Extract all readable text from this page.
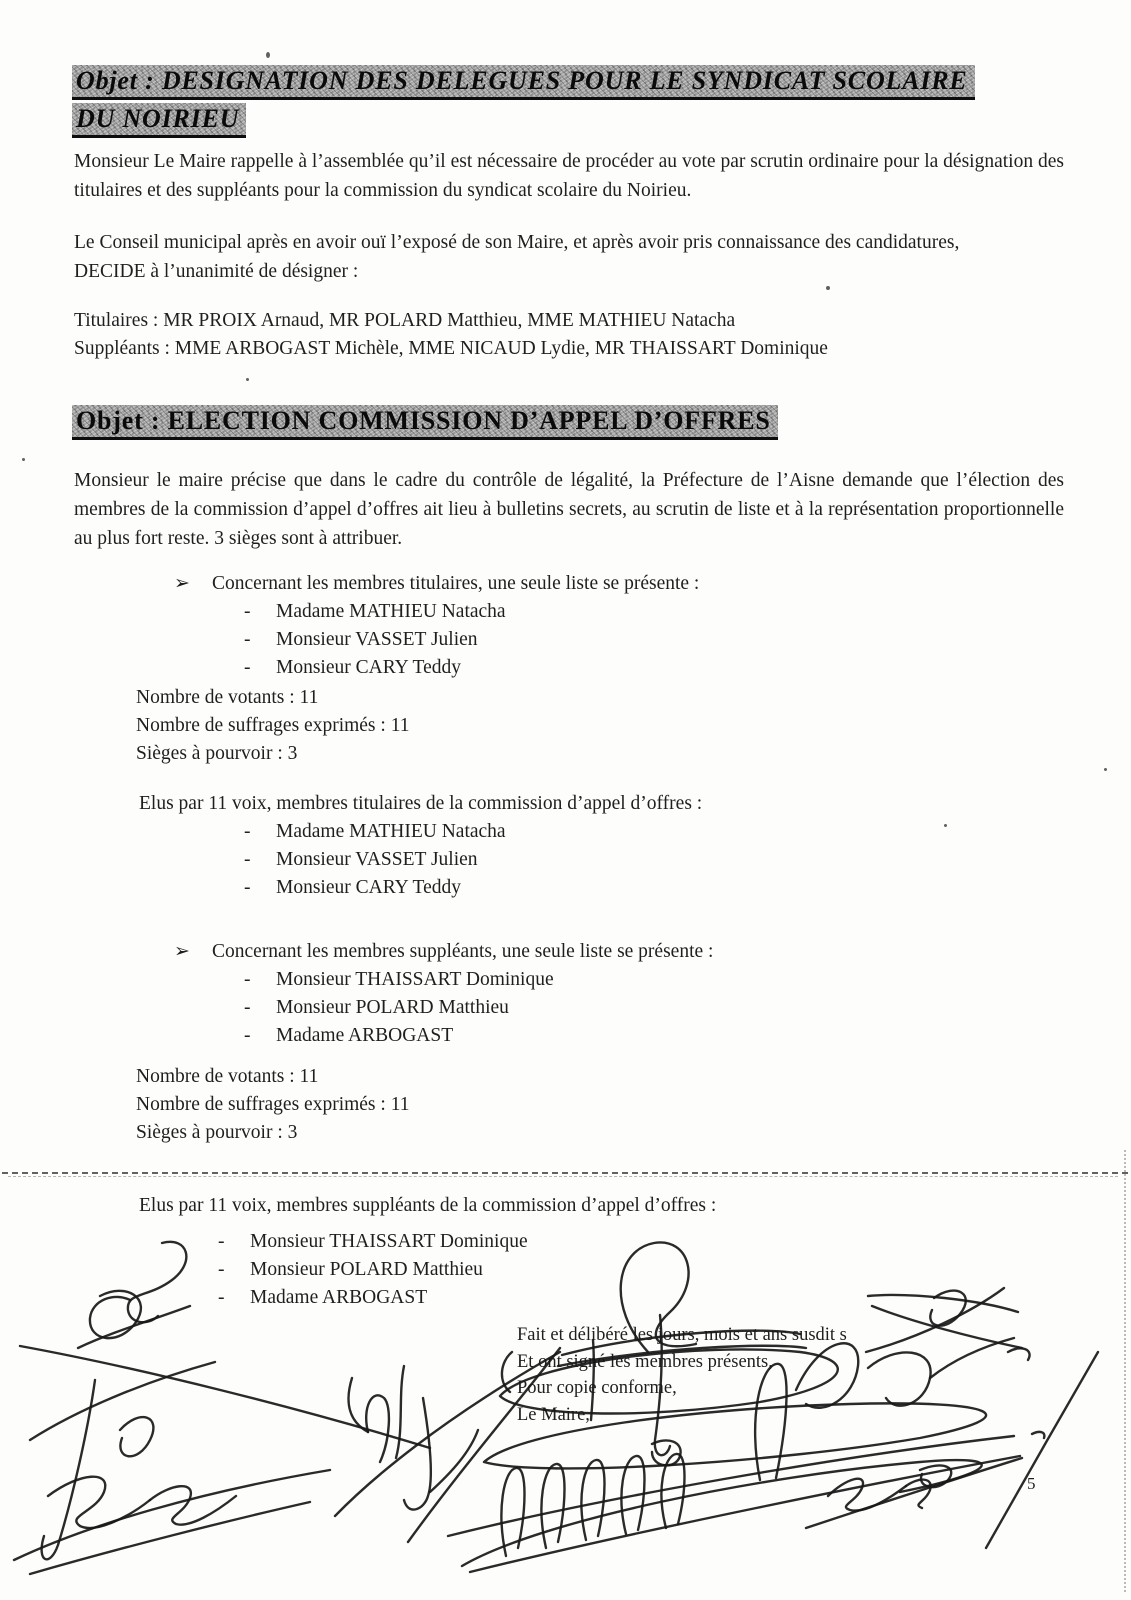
Objet : DESIGNATION DES DELEGUES POUR LE SYNDICAT SCOLAIRE DU NOIRIEU
Monsieur Le Maire rappelle à l’assemblée qu’il est nécessaire de procéder au vote par scrutin ordinaire pour la désignation des titulaires et des suppléants pour la commission du syndicat scolaire du Noirieu.
Le Conseil municipal après en avoir ouï l’exposé de son Maire, et après avoir pris connaissance des candidatures, DECIDE à l’unanimité de désigner :
Titulaires : MR PROIX Arnaud, MR POLARD Matthieu, MME MATHIEU Natacha
Suppléants : MME ARBOGAST Michèle, MME NICAUD Lydie, MR THAISSART Dominique
Objet : ELECTION COMMISSION D’APPEL D’OFFRES
Monsieur le maire précise que dans le cadre du contrôle de légalité, la Préfecture de l’Aisne demande que l’élection des membres de la commission d’appel d’offres ait lieu à bulletins secrets, au scrutin de liste et à la représentation proportionnelle au plus fort reste. 3 sièges sont à attribuer.
➢	Concernant les membres titulaires, une seule liste se présente :
-	Madame MATHIEU Natacha
-	Monsieur VASSET Julien
-	Monsieur CARY Teddy
Nombre de votants : 11
Nombre de suffrages exprimés : 11
Sièges à pourvoir : 3
Elus par 11 voix, membres titulaires de la commission d’appel d’offres :
-	Madame MATHIEU Natacha
-	Monsieur VASSET Julien
-	Monsieur CARY Teddy
➢	Concernant les membres suppléants, une seule liste se présente :
-	Monsieur THAISSART Dominique
-	Monsieur POLARD Matthieu
-	Madame ARBOGAST
Nombre de votants : 11
Nombre de suffrages exprimés : 11
Sièges à pourvoir : 3
Elus par 11 voix, membres suppléants de la commission d’appel d’offres :
-	Monsieur THAISSART Dominique
-	Monsieur POLARD Matthieu
-	Madame ARBOGAST
Fait et délibéré les jours, mois et ans susdit s
Et ont signé les membres présents,
Pour copie conforme,
Le Maire,
5
